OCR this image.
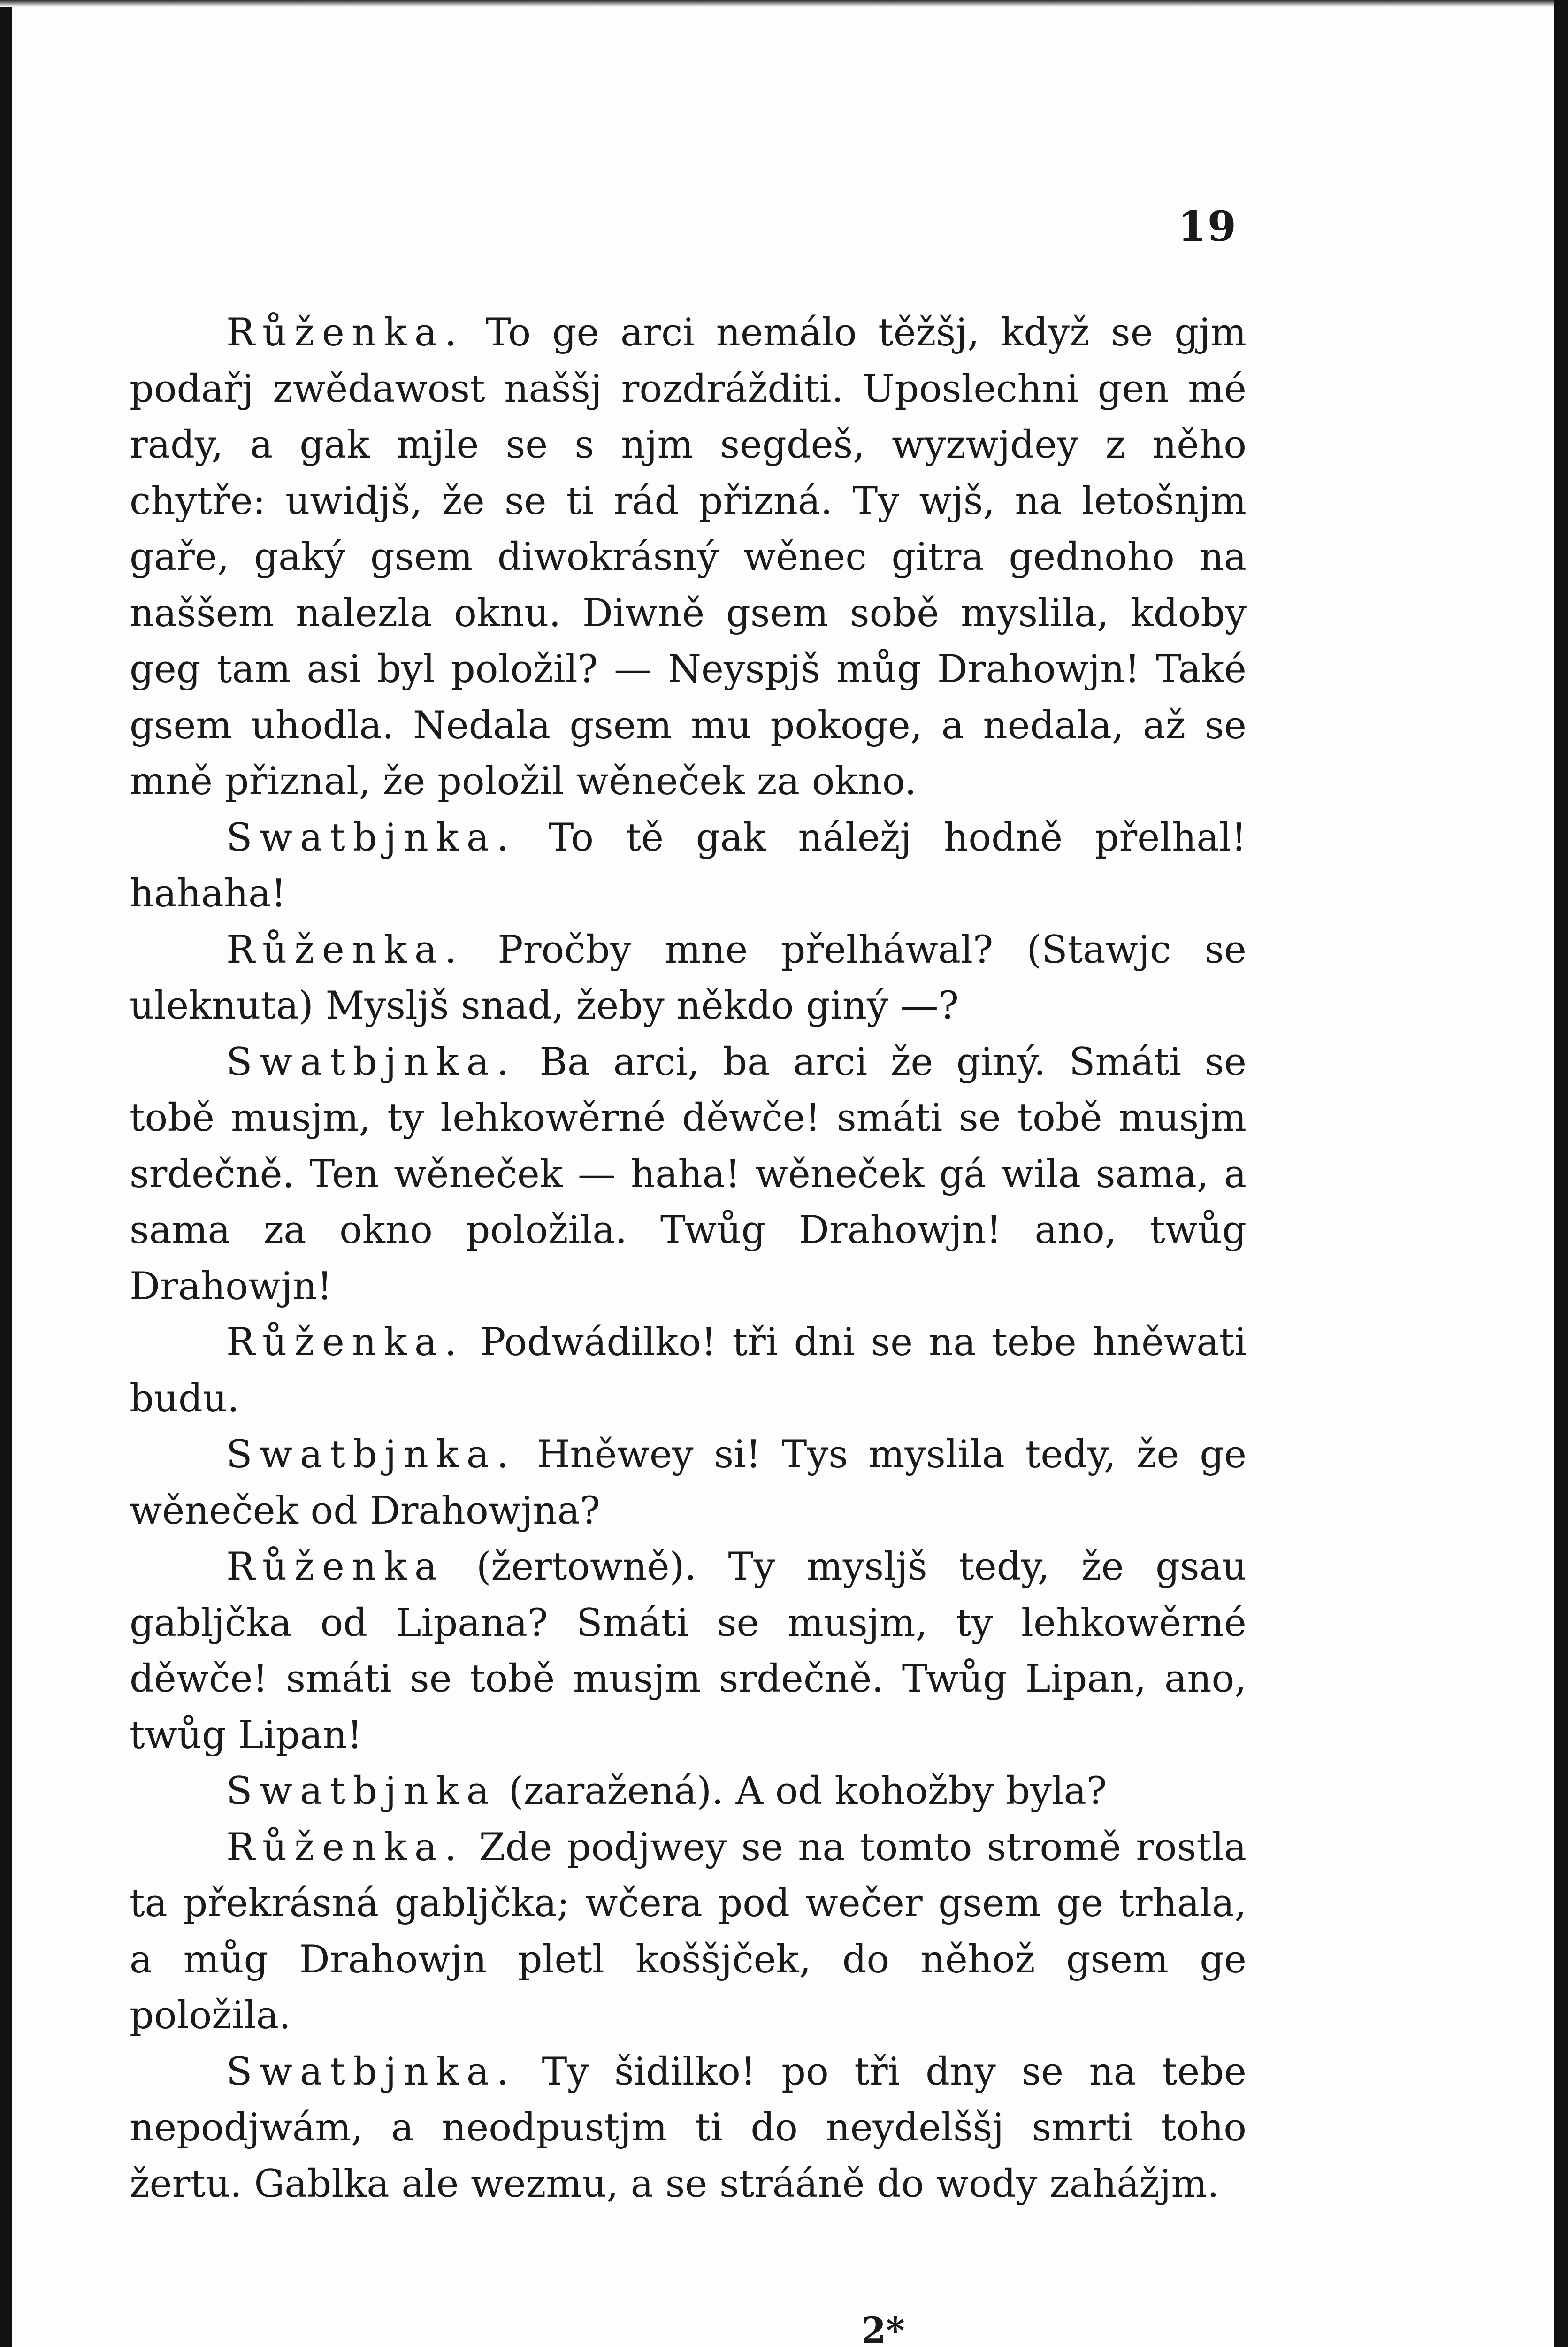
19

Růženka. To ge arci nemálo těžšj, když se gjm podařj zwědawost naššj rozdrážditi. Uposlechni gen mé rady, a gak mjle se s njm segdeš, wyzwjdey z něho chytře: uwidjš, že se ti rád přizná. Ty wjš, na letošnjm gaře, gaký gsem diwokrásný wěnec gitra gednoho na naššem nalezla oknu. Diwně gsem sobě myslila, kdoby geg tam asi byl položil? — Neyspjš můg Drahowjn! Také gsem uhodla. Nedala gsem mu pokoge, a nedala, až se mně přiznal, že položil wěneček za okno.

Swatbjnka. To tě gak náležj hodně přelhal! hahaha!

Růženka. Pročby mne přelháwal? (Stawjc se uleknuta) Myslјš snad, žeby někdo giný —?

Swatbjnka. Ba arci, ba arci že giný. Smáti se tobě musjm, ty lehkowěrné děwče! smáti se tobě musjm srdečně. Ten wěneček — haha! wěneček gá wila sama, a sama za okno položila. Twůg Drahowjn! ano, twůg Drahowjn!

Růženka. Podwádilko! tři dni se na tebe hněwati budu.

Swatbjnka. Hněwey si! Tys myslila tedy, že ge wěneček od Drahowjna?

Růženka (žertowně). Ty myslјš tedy, že gsau gabljčka od Lipana? Smáti se musjm, ty lehkowěrné děwče! smáti se tobě musjm srdečně. Twůg Lipan, ano, twůg Lipan!

Swatbjnka (zaražená). A od kohožby byla?

Růženka. Zde podjwey se na tomto stromě rostla ta překrásná gabljčka; wčera pod wečer gsem ge trhala, a můg Drahowjn pletl koššjček, do něhož gsem ge položila.

Swatbjnka. Ty šidilko! po tři dny se na tebe nepodjwám, a neodpustjm ti do neydelššj smrti toho žertu. Gablka ale wezmu, a se strááně do wody zahážjm.

2*
